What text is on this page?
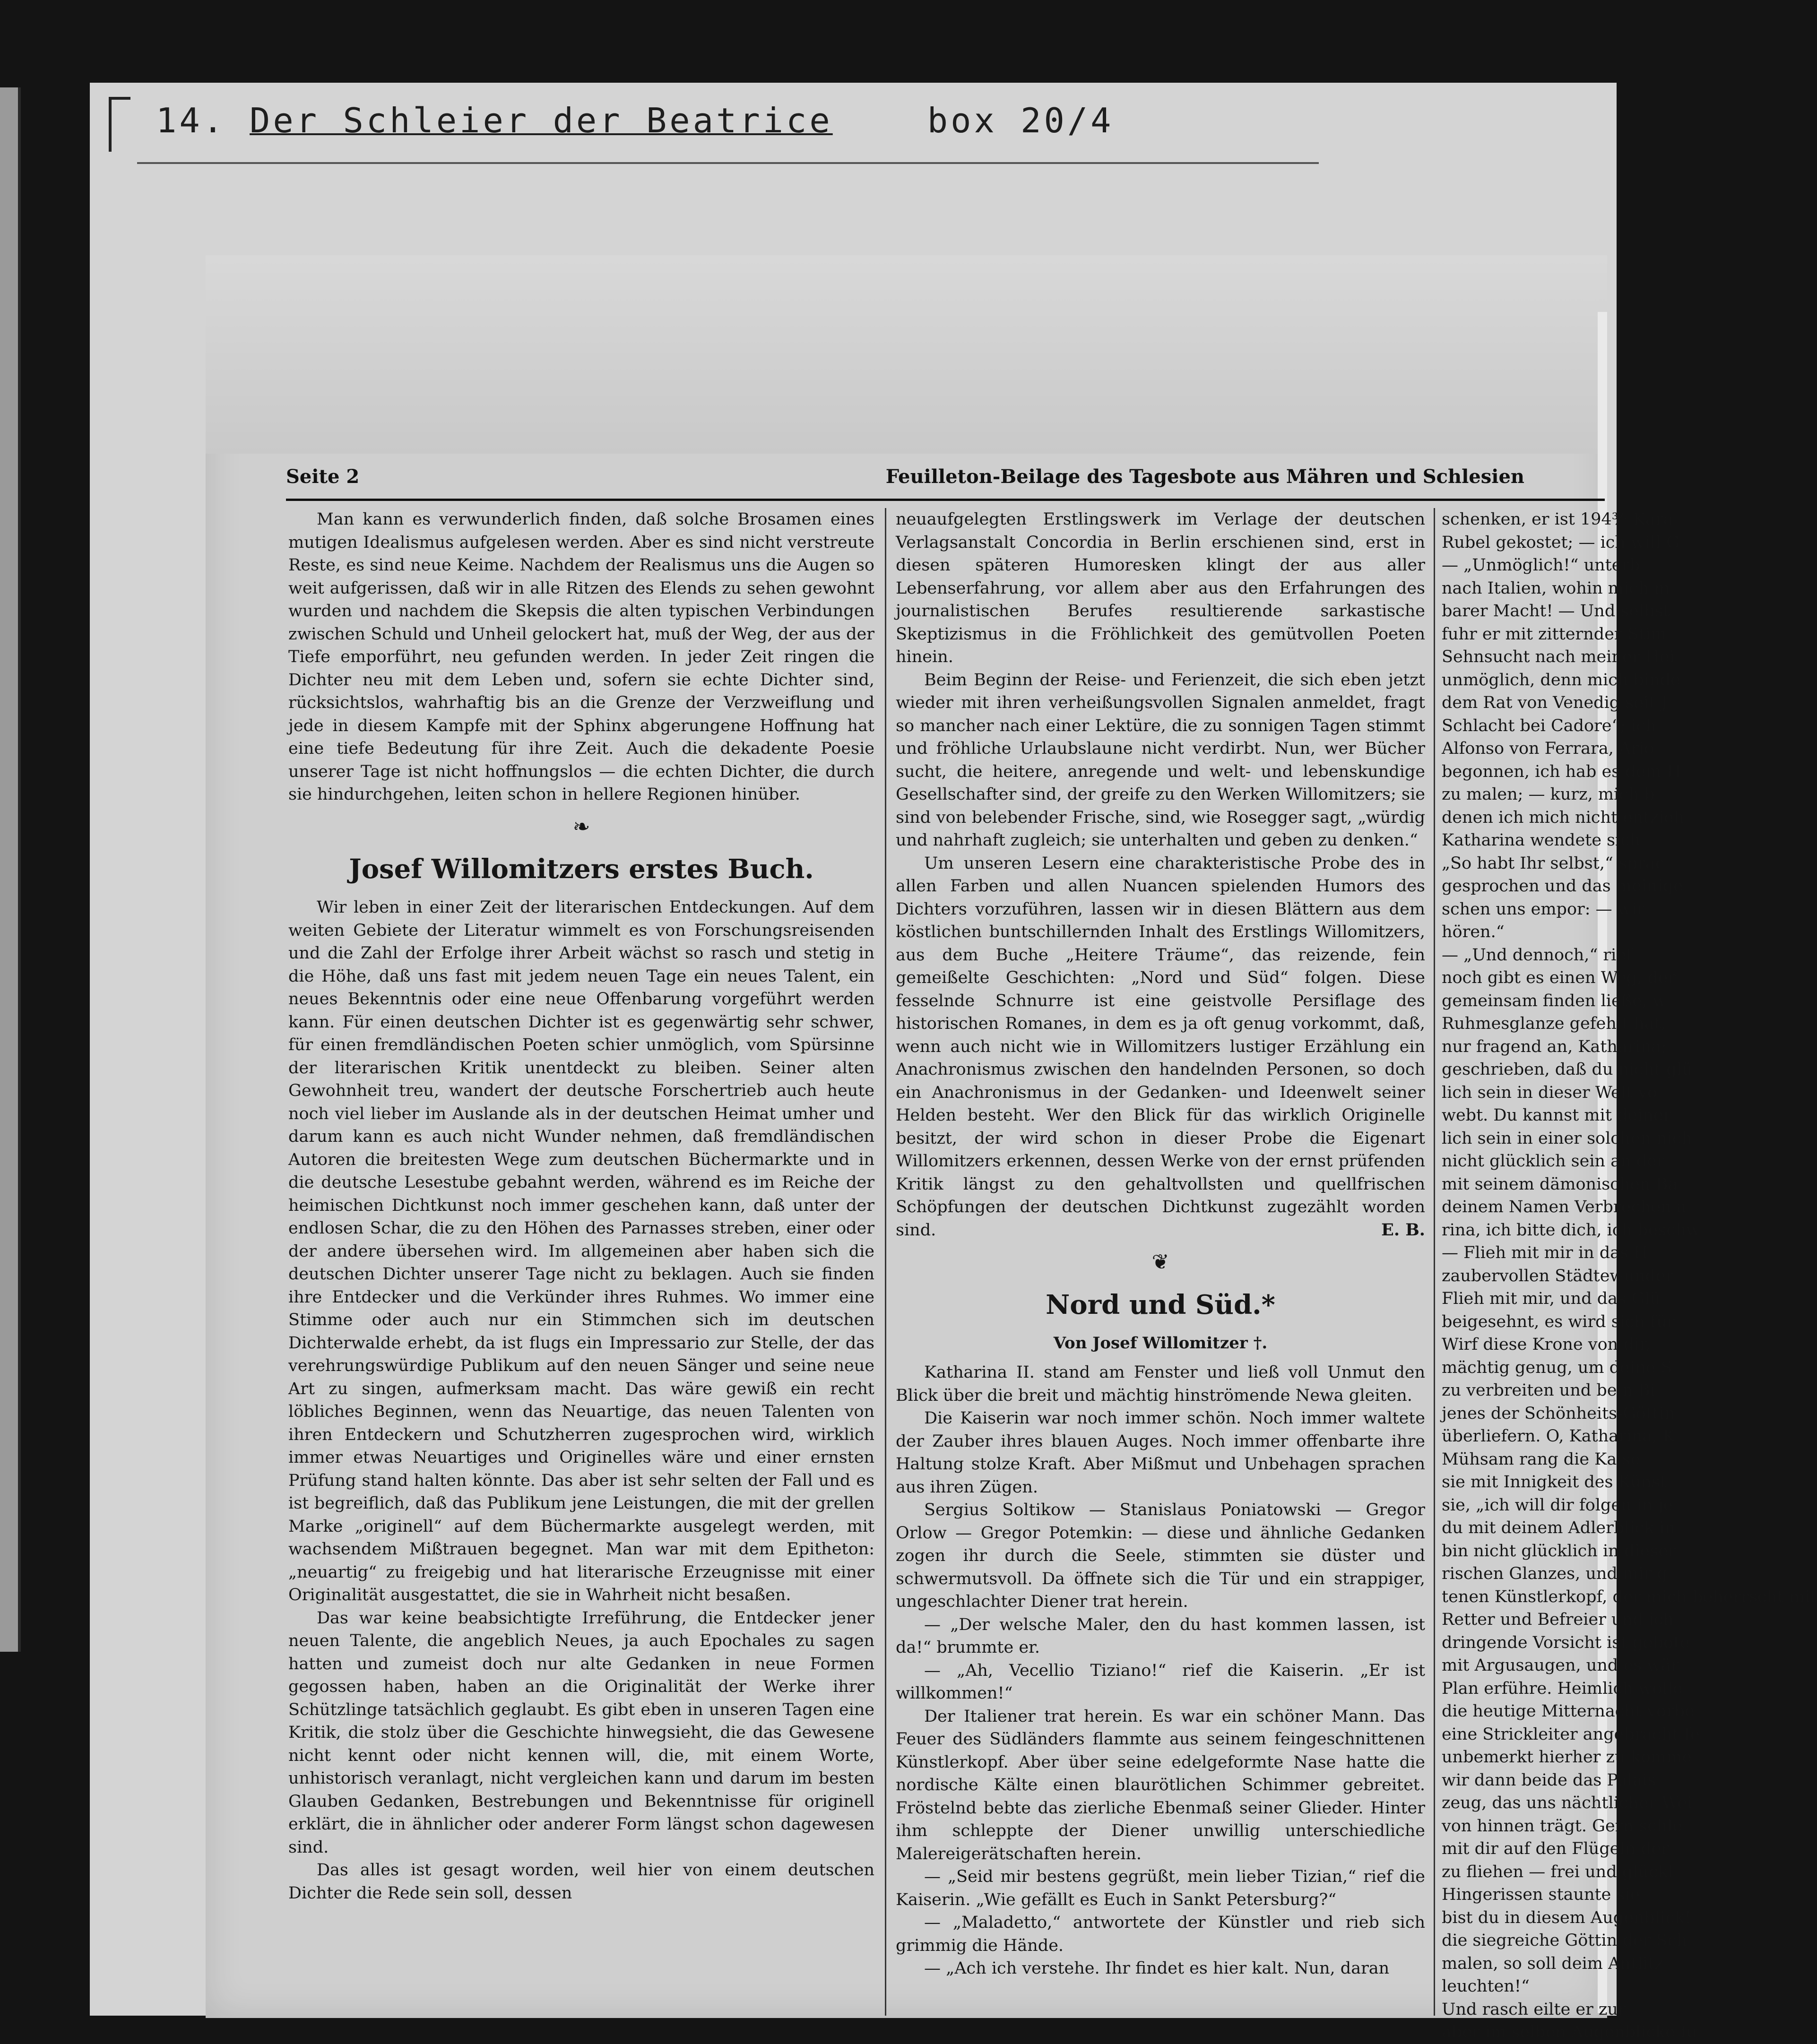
14. Der Schleier der Beatrice	box 20/4
Seite 2	Feuilleton-Beilage des Tagesbote aus Mähren und Schlesien

Man kann es verwunderlich finden, daß solche Brosamen eines mutigen Idealismus aufgelesen werden. Aber es sind nicht verstreute Reste, es sind neue Keime. Nachdem der Realismus uns die Augen so weit aufgerissen, daß wir in alle Ritzen des Elends zu sehen gewohnt wurden und nachdem die Skepsis die alten typischen Verbindungen zwischen Schuld und Unheil gelockert hat, muß der Weg, der aus der Tiefe emporführt, neu gefunden werden. In jeder Zeit ringen die Dichter neu mit dem Leben und, sofern sie echte Dichter sind, rücksichtslos, wahrhaftig bis an die Grenze der Verzweiflung und jede in diesem Kampfe mit der Sphinx abgerungene Hoffnung hat eine tiefe Bedeutung für ihre Zeit. Auch die dekadente Poesie unserer Tage ist nicht hoffnungslos — die echten Dichter, die durch sie hindurchgehen, leiten schon in hellere Regionen hinüber.

❧

Josef Willomitzers erstes Buch.

Wir leben in einer Zeit der literarischen Entdeckungen. Auf dem weiten Gebiete der Literatur wimmelt es von Forschungsreisenden und die Zahl der Erfolge ihrer Arbeit wächst so rasch und stetig in die Höhe, daß uns fast mit jedem neuen Tage ein neues Talent, ein neues Bekenntnis oder eine neue Offenbarung vorgeführt werden kann. Für einen deutschen Dichter ist es gegenwärtig sehr schwer, für einen fremdländischen Poeten schier unmöglich, vom Spürsinne der literarischen Kritik unentdeckt zu bleiben. Seiner alten Gewohnheit treu, wandert der deutsche Forschertrieb auch heute noch viel lieber im Auslande als in der deutschen Heimat umher und darum kann es auch nicht Wunder nehmen, daß fremdländischen Autoren die breitesten Wege zum deutschen Büchermarkte und in die deutsche Lesestube gebahnt werden, während es im Reiche der heimischen Dichtkunst noch immer geschehen kann, daß unter der endlosen Schar, die zu den Höhen des Parnasses streben, einer oder der andere übersehen wird. Im allgemeinen aber haben sich die deutschen Dichter unserer Tage nicht zu beklagen. Auch sie finden ihre Entdecker und die Verkünder ihres Ruhmes. Wo immer eine Stimme oder auch nur ein Stimmchen sich im deutschen Dichterwalde erhebt, da ist flugs ein Impressario zur Stelle, der das verehrungswürdige Publikum auf den neuen Sänger und seine neue Art zu singen, aufmerksam macht. Das wäre gewiß ein recht löbliches Beginnen, wenn das Neuartige, das neuen Talenten von ihren Entdeckern und Schutzherren zugesprochen wird, wirklich immer etwas Neuartiges und Originelles wäre und einer ernsten Prüfung stand halten könnte. Das aber ist sehr selten der Fall und es ist begreiflich, daß das Publikum jene Leistungen, die mit der grellen Marke „originell“ auf dem Büchermarkte ausgelegt werden, mit wachsendem Mißtrauen begegnet. Man war mit dem Epitheton: „neuartig“ zu freigebig und hat literarische Erzeugnisse mit einer Originalität ausgestattet, die sie in Wahrheit nicht besaßen.

Das war keine beabsichtigte Irreführung, die Entdecker jener neuen Talente, die angeblich Neues, ja auch Epochales zu sagen hatten und zumeist doch nur alte Gedanken in neue Formen gegossen haben, haben an die Originalität der Werke ihrer Schützlinge tatsächlich geglaubt. Es gibt eben in unseren Tagen eine Kritik, die stolz über die Geschichte hinwegsieht, die das Gewesene nicht kennt oder nicht kennen will, die, mit einem Worte, unhistorisch veranlagt, nicht vergleichen kann und darum im besten Glauben Gedanken, Bestrebungen und Bekenntnisse für originell erklärt, die in ähnlicher oder anderer Form längst schon dagewesen sind.

Das alles ist gesagt worden, weil hier von einem deutschen Dichter die Rede sein soll, dessen

neuaufgelegten Erstlingswerk im Verlage der deutschen Verlagsanstalt Concordia in Berlin erschienen sind, erst in diesen späteren Humoresken klingt der aus aller Lebenserfahrung, vor allem aber aus den Erfahrungen des journalistischen Berufes resultierende sarkastische Skeptizismus in die Fröhlichkeit des gemütvollen Poeten hinein.

Beim Beginn der Reise- und Ferienzeit, die sich eben jetzt wieder mit ihren verheißungsvollen Signalen anmeldet, fragt so mancher nach einer Lektüre, die zu sonnigen Tagen stimmt und fröhliche Urlaubslaune nicht verdirbt. Nun, wer Bücher sucht, die heitere, anregende und welt- und lebenskundige Gesellschafter sind, der greife zu den Werken Willomitzers; sie sind von belebender Frische, sind, wie Rosegger sagt, „würdig und nahrhaft zugleich; sie unterhalten und geben zu denken.“

Um unseren Lesern eine charakteristische Probe des in allen Farben und allen Nuancen spielenden Humors des Dichters vorzuführen, lassen wir in diesen Blättern aus dem köstlichen buntschillernden Inhalt des Erstlings Willomitzers, aus dem Buche „Heitere Träume“, das reizende, fein gemeißelte Geschichten: „Nord und Süd“ folgen. Diese fesselnde Schnurre ist eine geistvolle Persiflage des historischen Romanes, in dem es ja oft genug vorkommt, daß, wenn auch nicht wie in Willomitzers lustiger Erzählung ein Anachronismus zwischen den handelnden Personen, so doch ein Anachronismus in der Gedanken- und Ideenwelt seiner Helden besteht. Wer den Blick für das wirklich Originelle besitzt, der wird schon in dieser Probe die Eigenart Willomitzers erkennen, dessen Werke von der ernst prüfenden Kritik längst zu den gehaltvollsten und quellfrischen Schöpfungen der deutschen Dichtkunst zugezählt worden sind.	E. B.

❦

Nord und Süd.*

Von Josef Willomitzer †.

Katharina II. stand am Fenster und ließ voll Unmut den Blick über die breit und mächtig hinströmende Newa gleiten.

Die Kaiserin war noch immer schön. Noch immer waltete der Zauber ihres blauen Auges. Noch immer offenbarte ihre Haltung stolze Kraft. Aber Mißmut und Unbehagen sprachen aus ihren Zügen.

Sergius Soltikow — Stanislaus Poniatowski — Gregor Orlow — Gregor Potemkin: — diese und ähnliche Gedanken zogen ihr durch die Seele, stimmten sie düster und schwermutsvoll. Da öffnete sich die Tür und ein strappiger, ungeschlachter Diener trat herein.

— „Der welsche Maler, den du hast kommen lassen, ist da!“ brummte er.

— „Ah, Vecellio Tiziano!“ rief die Kaiserin. „Er ist willkommen!“

Der Italiener trat herein. Es war ein schöner Mann. Das Feuer des Südländers flammte aus seinem feingeschnittenen Künstlerkopf. Aber über seine edelgeformte Nase hatte die nordische Kälte einen blaurötlichen Schimmer gebreitet. Fröstelnd bebte das zierliche Ebenmaß seiner Glieder. Hinter ihm schleppte der Diener unwillig unterschiedliche Malereigerätschaften herein.

— „Seid mir bestens gegrüßt, mein lieber Tizian,“ rief die Kaiserin. „Wie gefällt es Euch in Sankt Petersburg?“

— „Maladetto,“ antwortete der Künstler und rieb sich grimmig die Hände.

— „Ach ich verstehe. Ihr findet es hier kalt. Nun, daran

schenken, er ist 194¾ Kara

Rubel gekostet; — ich will G

— „Unmöglich!“ unterb

nach Italien, wohin mich m

barer Macht! — Und selbst

fuhr er mit zitternder Stim

Sehnsucht nach meiner Hei

unmöglich, denn mich binde

dem Rat von Venedig seit J

Schlacht bei Cadore“; ich

Alfonso von Ferrara, Ario

begonnen, ich hab es dem H

zu malen; — kurz, mich b

denen ich mich nicht entzieh

Katharina wendete sich

„So habt Ihr selbst,“ sprac

gesprochen und das meinige

schen uns empor: — wir

hören.“

— „Und dennoch,“ rief

noch gibt es einen Weg, der

gemeinsam finden ließe, w

Ruhmesglanze gefehlt hat,

nur fragend an, Katharina;

geschrieben, daß du nicht glü

lich sein in dieser Welt vo

webt. Du kannst mit deiner

lich sein in einer solchen nich

nicht glücklich sein an der

mit seinem dämonischen Ba

deinem Namen Verbrechen a

rina, ich bitte dich, ich beschw

— Flieh mit mir in das H

zaubervollen Städtewunder

Flieh mit mir, und das Glü

beigesehnt, es wird sich für

Wirf diese Krone von dir,

mächtig genug, um deine S

zu verbreiten und bein Bi

jenes der Schönheits-Göttin

überliefern. O, Katharina, K

Mühsam rang die Kaise

sie mit Innigkeit des Künst

sie, „ich will dir folgen in je

du mit deinem Adlerblick in

bin nicht glücklich in dieser

rischen Glanzes, und mir g

tenen Künstlerkopf, der mich beherrscht mit

Retter und Befreier und ich

dringende Vorsicht ist gebote

mit Argusaugen, und es wär

Plan erführe. Heimlich wolle

die heutige Mitternacht vorbe

eine Strickleiter angebracht fe

unbemerkt hierher zu komme

wir dann beide das Palais

zeug, das uns nächtlicher Wei

von hinnen trägt. Gern schle

mit dir auf den Flügeln der

zu fliehen — frei und glückl

Hingerissen staunte sie

bist du in diesem Augenblick!

die siegreiche Göttin der Sch

malen, so soll deim Antlitz

leuchten!“

Und rasch eilte er zur

aber im selben Augenblicke fu
